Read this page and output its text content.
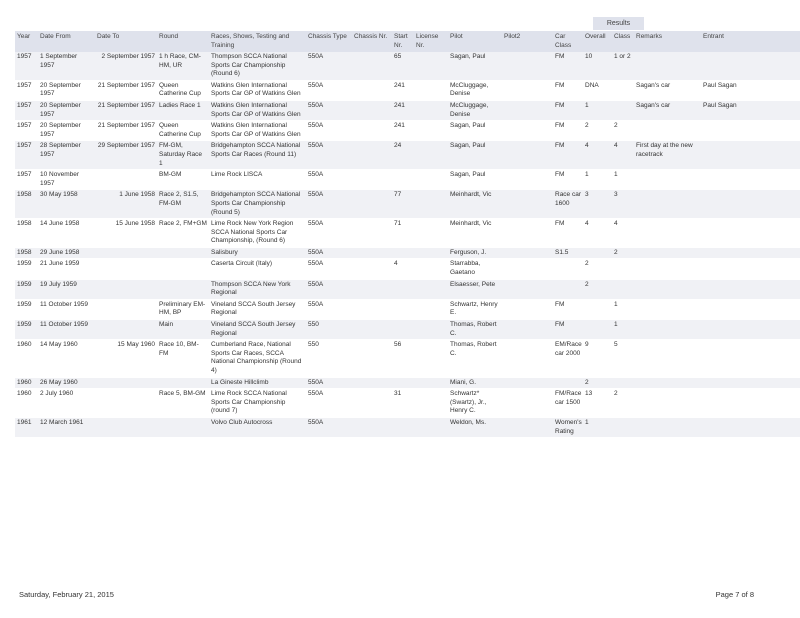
Results
Year	Date From	Date To	Round	Races, Shows, Testing and Training	Chassis Type	Chassis Nr.	Start Nr.	License Nr.	Pilot	Pilot2	Car Class	Overall	Class	Remarks	Entrant
1957	1 September 1957	2 September 1957	1 h Race, CM-HM, UR	Thompson SCCA National Sports Car Championship (Round 6)	550A		65		Sagan, Paul		FM	10	1 or 2		
1957	20 September 1957	21 September 1957	Queen Catherine Cup	Watkins Glen International Sports Car GP of Watkins Glen	550A		241		McCluggage, Denise		FM	DNA		Sagan's car	Paul Sagan
1957	20 September 1957	21 September 1957	Ladies Race 1	Watkins Glen International Sports Car GP of Watkins Glen	550A		241		McCluggage, Denise		FM	1		Sagan's car	Paul Sagan
1957	20 September 1957	21 September 1957	Queen Catherine Cup	Watkins Glen International Sports Car GP of Watkins Glen	550A		241		Sagan, Paul		FM	2	2		
1957	28 September 1957	29 September 1957	FM-GM, Saturday Race 1	Bridgehampton SCCA National Sports Car Races (Round 11)	550A		24		Sagan, Paul		FM	4	4	First day at the new racetrack	
1957	10 November 1957		BM-GM	Lime Rock LISCA	550A				Sagan, Paul		FM	1	1		
1958	30 May 1958	1 June 1958	Race 2, S1.5, FM-GM	Bridgehampton SCCA National Sports Car Championship (Round 5)	550A		77		Meinhardt, Vic		Race car 1600	3	3		
1958	14 June 1958	15 June 1958	Race 2, FM+GM	Lime Rock New York Region SCCA National Sports Car Championship, (Round 6)	550A		71		Meinhardt, Vic		FM	4	4		
1958	29 June 1958			Salisbury	550A				Ferguson, J.		S1.5		2		
1959	21 June 1959			Caserta Circuit (Italy)	550A		4		Starrabba, Gaetano			2			
1959	19 July 1959			Thompson SCCA New York Regional	550A				Elsaesser, Pete			2			
1959	11 October 1959		Preliminary EM-HM, BP	Vineland SCCA South Jersey Regional	550A				Schwartz, Henry E.		FM		1		
1959	11 October 1959		Main	Vineland SCCA South Jersey Regional	550				Thomas, Robert C.		FM		1		
1960	14 May 1960	15 May 1960	Race 10, BM-FM	Cumberland Race, National Sports Car Races, SCCA National Championship (Round 4)	550		56		Thomas, Robert C.		EM/Race car 2000	9	5		
1960	26 May 1960			La Gineste Hillclimb	550A				Miani, G.			2			
1960	2 July 1960		Race 5, BM-GM	Lime Rock SCCA National Sports Car Championship (round 7)	550A		31		Schwartz*(Swartz), Jr., Henry C.		FM/Race car 1500	13	2		
1961	12 March 1961			Volvo Club Autocross	550A				Weldon, Ms.		Women's Rating	1			
Saturday, February 21, 2015	Page 7 of 8
